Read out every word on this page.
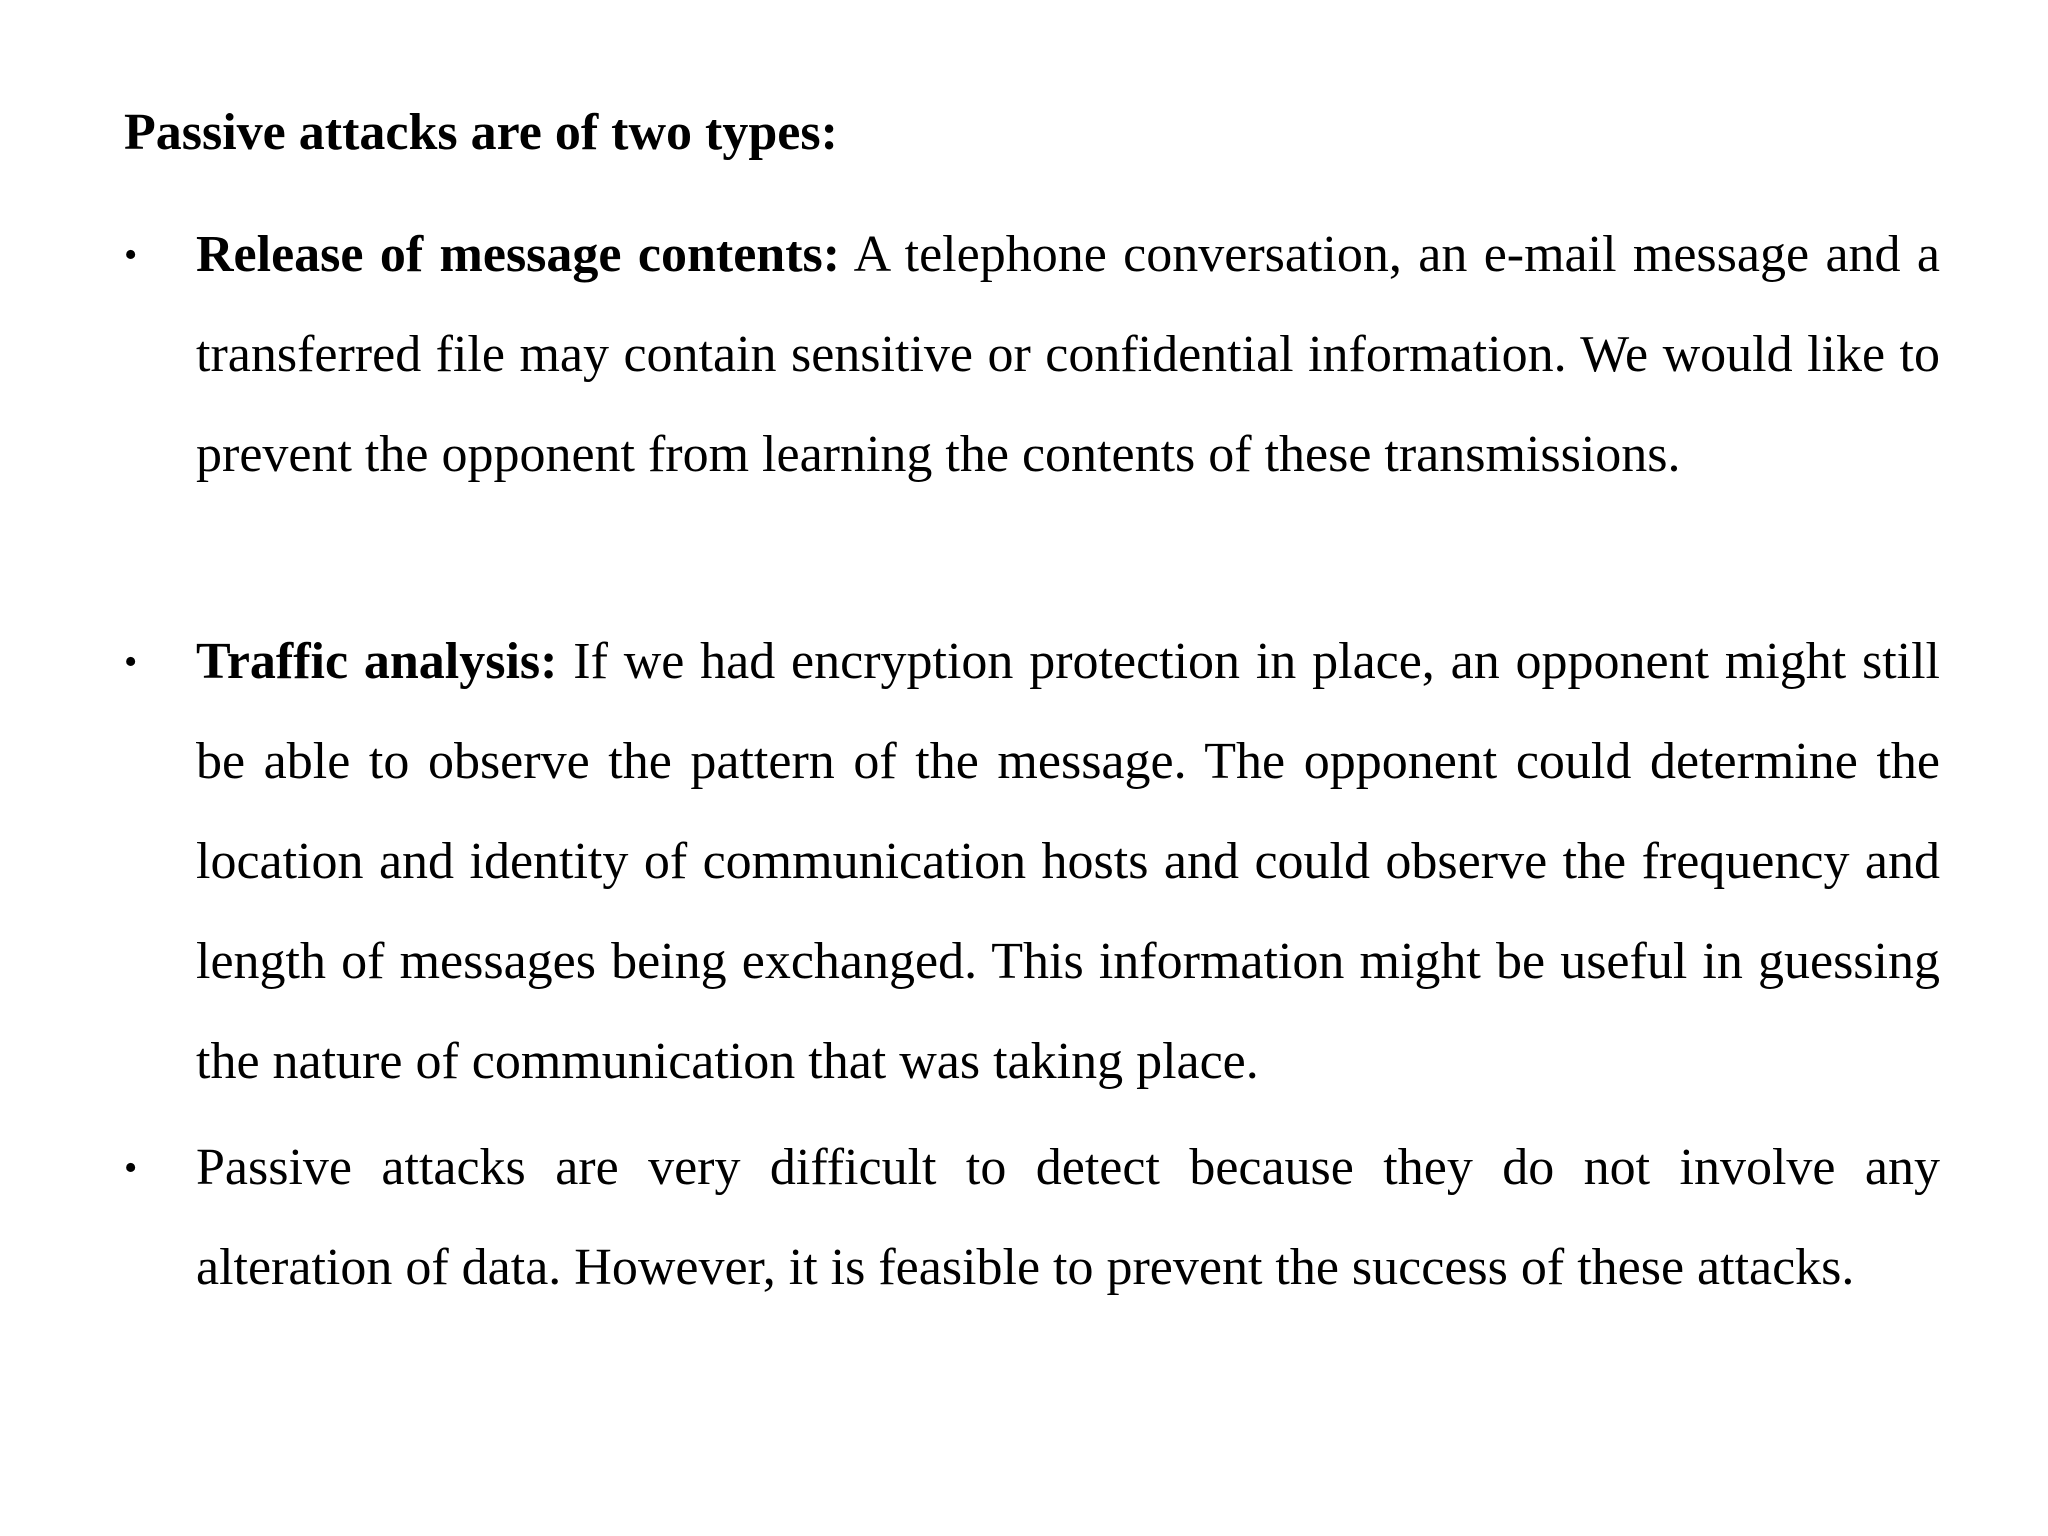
Passive attacks are of two types:
•	Release of message contents: A telephone conversation, an e-mail message and a transferred file may contain sensitive or confidential information. We would like to prevent the opponent from learning the contents of these transmissions.
•	Traffic analysis: If we had encryption protection in place, an opponent might still be able to observe the pattern of the message. The opponent could determine the location and identity of communication hosts and could observe the frequency and length of messages being exchanged. This information might be useful in guessing the nature of communication that was taking place.
•	Passive attacks are very difficult to detect because they do not involve any alteration of data. However, it is feasible to prevent the success of these attacks.
